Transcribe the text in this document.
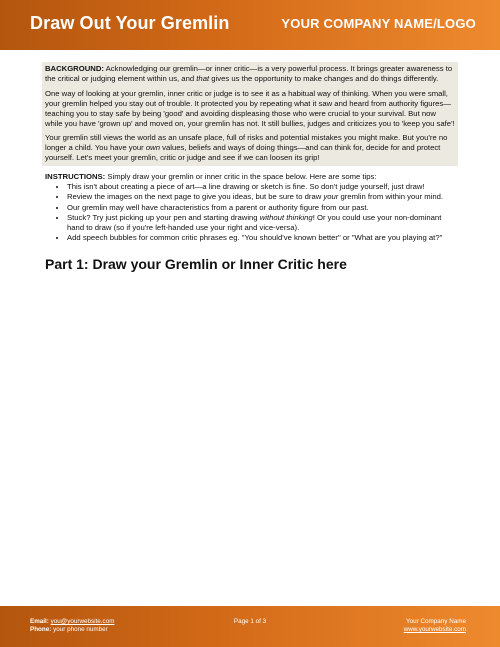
Draw Out Your Gremlin	YOUR COMPANY NAME/LOGO

BACKGROUND: Acknowledging our gremlin—or inner critic—is a very powerful process. It brings greater awareness to the critical or judging element within us, and that gives us the opportunity to make changes and do things differently.

One way of looking at your gremlin, inner critic or judge is to see it as a habitual way of thinking. When you were small, your gremlin helped you stay out of trouble. It protected you by repeating what it saw and heard from authority figures—teaching you to stay safe by being 'good' and avoiding displeasing those who were crucial to your survival. But now while you have 'grown up' and moved on, your gremlin has not. It still bullies, judges and criticizes you to 'keep you safe'!

Your gremlin still views the world as an unsafe place, full of risks and potential mistakes you might make. But you're no longer a child. You have your own values, beliefs and ways of doing things—and can think for, decide for and protect yourself. Let's meet your gremlin, critic or judge and see if we can loosen its grip!

INSTRUCTIONS: Simply draw your gremlin or inner critic in the space below. Here are some tips:

• This isn't about creating a piece of art—a line drawing or sketch is fine. So don't judge yourself, just draw!
• Review the images on the next page to give you ideas, but be sure to draw your gremlin from within your mind.
• Our gremlin may well have characteristics from a parent or authority figure from our past.
• Stuck? Try just picking up your pen and starting drawing without thinking! Or you could use your non-dominant hand to draw (so if you're left-handed use your right and vice-versa).
• Add speech bubbles for common critic phrases eg. "You should've known better" or "What are you playing at?"
Part 1: Draw your Gremlin or Inner Critic here
Email: you@yourwebsite.com
Phone: your phone number
Page 1 of 3	Your Company Name
www.yourwebsite.com
